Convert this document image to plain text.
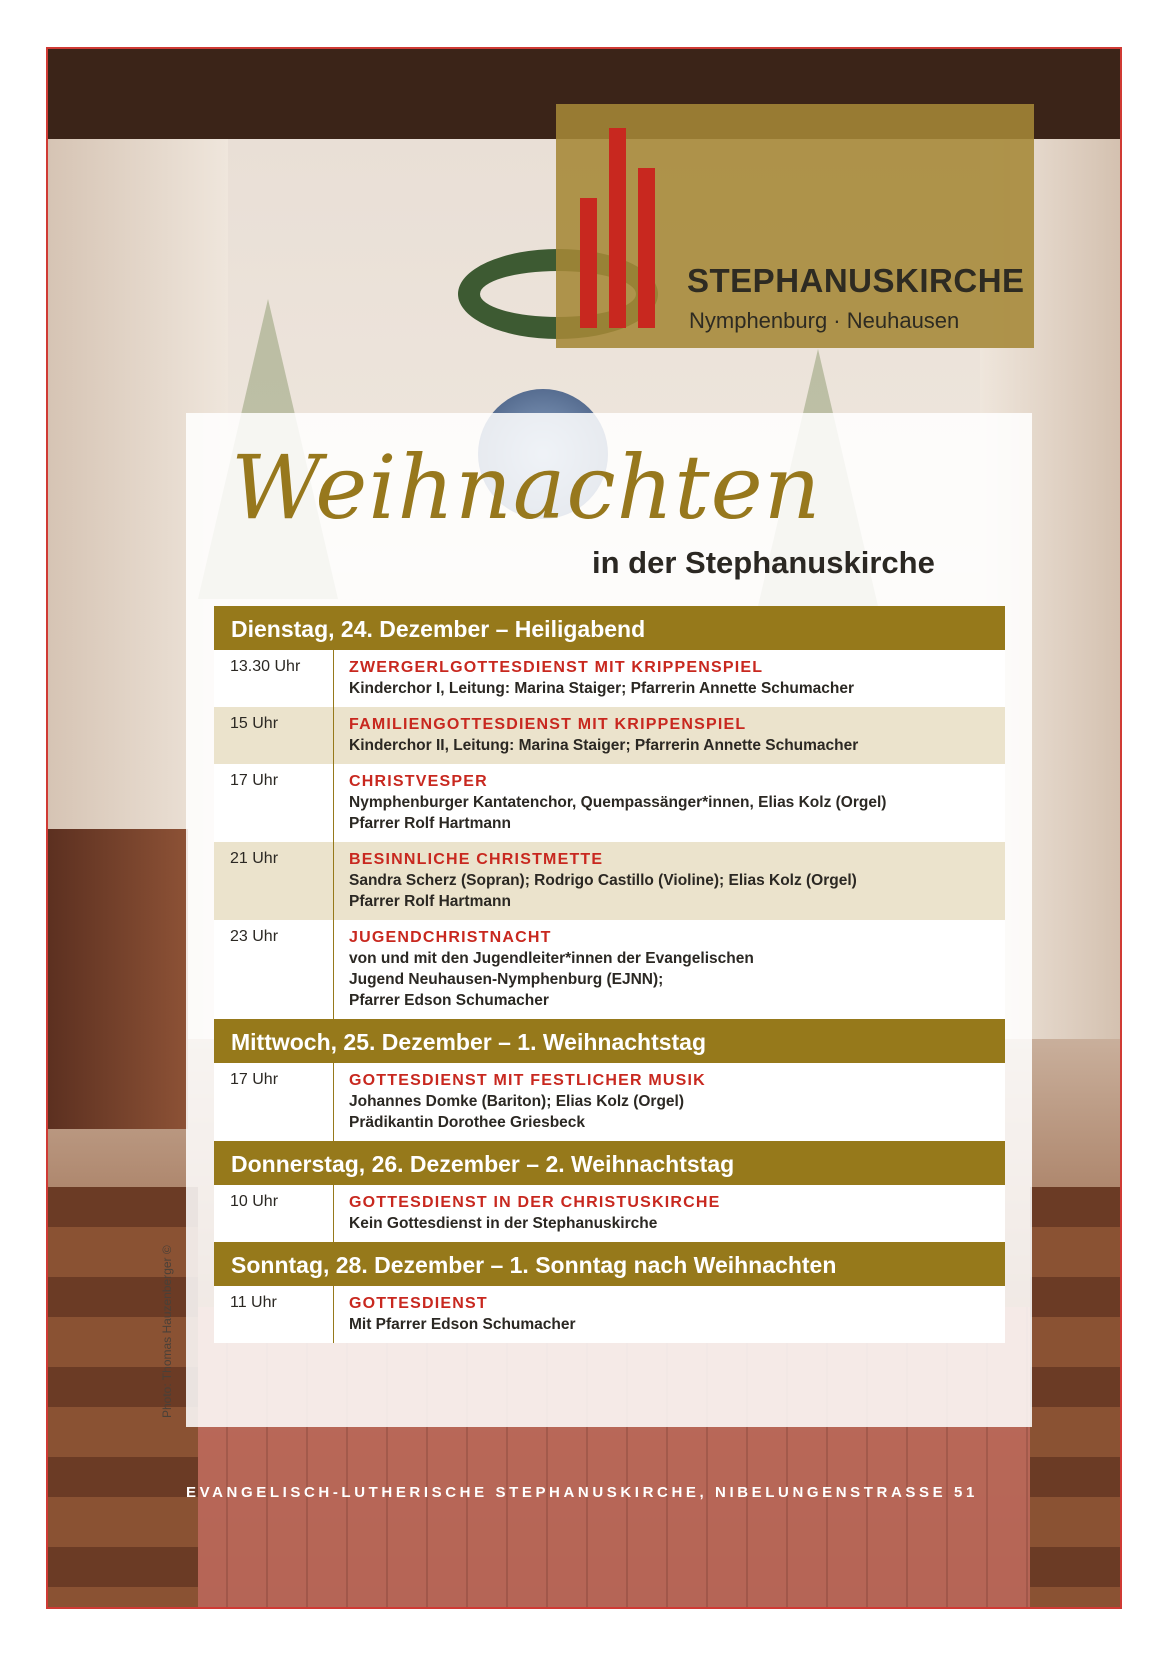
STEPHANUSKIRCHE
Nymphenburg · Neuhausen
Weihnachten
in der Stephanuskirche
Dienstag, 24. Dezember – Heiligabend
13.30 Uhr	ZWERGERLGOTTESDIENST MIT KRIPPENSPIEL
Kinderchor I, Leitung: Marina Staiger; Pfarrerin Annette Schumacher
15 Uhr	FAMILIENGOTTESDIENST MIT KRIPPENSPIEL
Kinderchor II, Leitung: Marina Staiger; Pfarrerin Annette Schumacher
17 Uhr	CHRISTVESPER
Nymphenburger Kantatenchor, Quempassänger*innen, Elias Kolz (Orgel)
Pfarrer Rolf Hartmann
21 Uhr	BESINNLICHE CHRISTMETTE
Sandra Scherz (Sopran); Rodrigo Castillo (Violine); Elias Kolz (Orgel)
Pfarrer Rolf Hartmann
23 Uhr	JUGENDCHRISTNACHT
von und mit den Jugendleiter*innen der Evangelischen
Jugend Neuhausen-Nymphenburg (EJNN);
Pfarrer Edson Schumacher
Mittwoch, 25. Dezember – 1. Weihnachtstag
17 Uhr	GOTTESDIENST MIT FESTLICHER MUSIK
Johannes Domke (Bariton); Elias Kolz (Orgel)
Prädikantin Dorothee Griesbeck
Donnerstag, 26. Dezember – 2. Weihnachtstag
10 Uhr	GOTTESDIENST IN DER CHRISTUSKIRCHE
Kein Gottesdienst in der Stephanuskirche
Sonntag, 28. Dezember – 1. Sonntag nach Weihnachten
11 Uhr	GOTTESDIENST
Mit Pfarrer Edson Schumacher
Photo: Thomas Hauzenberger ©
EVANGELISCH-LUTHERISCHE STEPHANUSKIRCHE, NIBELUNGENSTRASSE 51
